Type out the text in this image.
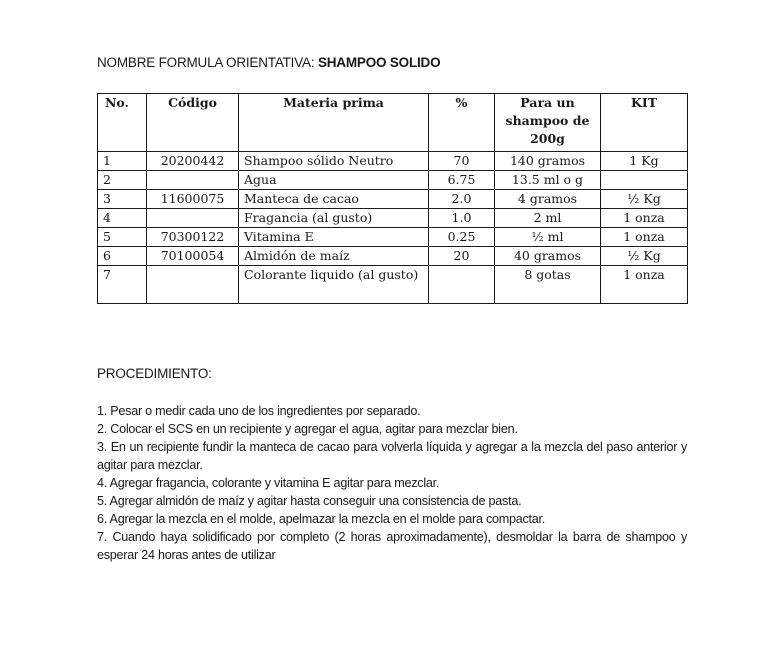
NOMBRE FORMULA ORIENTATIVA: SHAMPOO SOLIDO
No.	Código	Materia prima	%	Para un shampoo de 200g	KIT
1	20200442	Shampoo sólido Neutro	70	140 gramos	1 Kg
2		Agua	6.75	13.5 ml o g	
3	11600075	Manteca de cacao	2.0	4 gramos	½ Kg
4		Fragancia (al gusto)	1.0	2 ml	1 onza
5	70300122	Vitamina E	0.25	½ ml	1 onza
6	70100054	Almidón de maíz	20	40 gramos	½ Kg
7		Colorante liquido (al gusto)		8 gotas	1 onza
PROCEDIMIENTO:

1. Pesar o medir cada uno de los ingredientes por separado.

2. Colocar el SCS en un recipiente y agregar el agua, agitar para mezclar bien.

3. En un recipiente fundir la manteca de cacao para volverla líquida y agregar a la mezcla del paso anterior y agitar para mezclar.

4. Agregar fragancia, colorante y vitamina E agitar para mezclar.

5. Agregar almidón de maíz y agitar hasta conseguir una consistencia de pasta.

6. Agregar la mezcla en el molde, apelmazar la mezcla en el molde para compactar.

7. Cuando haya solidificado por completo (2 horas aproximadamente), desmoldar la barra de shampoo y esperar 24 horas antes de utilizar
